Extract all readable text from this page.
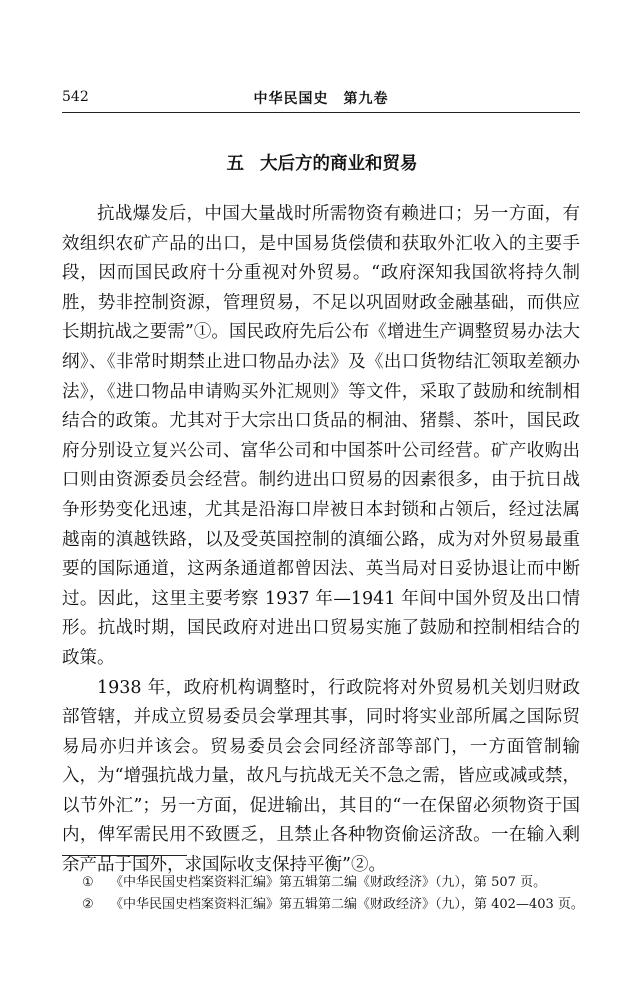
542	中华民国史　第九卷
五 大后方的商业和贸易

抗战爆发后，中国大量战时所需物资有赖进口；另一方面，有效组织农矿产品的出口，是中国易货偿债和获取外汇收入的主要手段，因而国民政府十分重视对外贸易。“政府深知我国欲将持久制胜，势非控制资源，管理贸易，不足以巩固财政金融基础，而供应长期抗战之要需”①。国民政府先后公布《增进生产调整贸易办法大纲》、《非常时期禁止进口物品办法》及《出口货物结汇领取差额办法》，《进口物品申请购买外汇规则》等文件，采取了鼓励和统制相结合的政策。尤其对于大宗出口货品的桐油、猪鬃、茶叶，国民政府分别设立复兴公司、富华公司和中国茶叶公司经营。矿产收购出口则由资源委员会经营。制约进出口贸易的因素很多，由于抗日战争形势变化迅速，尤其是沿海口岸被日本封锁和占领后，经过法属越南的滇越铁路，以及受英国控制的滇缅公路，成为对外贸易最重要的国际通道，这两条通道都曾因法、英当局对日妥协退让而中断过。因此，这里主要考察 1937 年—1941 年间中国外贸及出口情形。抗战时期，国民政府对进出口贸易实施了鼓励和控制相结合的政策。

1938 年，政府机构调整时，行政院将对外贸易机关划归财政部管辖，并成立贸易委员会掌理其事，同时将实业部所属之国际贸易局亦归并该会。贸易委员会会同经济部等部门，一方面管制输入，为“增强抗战力量，故凡与抗战无关不急之需，皆应或减或禁，以节外汇”；另一方面，促进输出，其目的“一在保留必须物资于国内，俾军需民用不致匮乏，且禁止各种物资偷运济敌。一在输入剩余产品于国外，求国际收支保持平衡”②。

① 《中华民国史档案资料汇编》第五辑第二编《财政经济》（九），第 507 页。
② 《中华民国史档案资料汇编》第五辑第二编《财政经济》（九），第 402—403 页。
